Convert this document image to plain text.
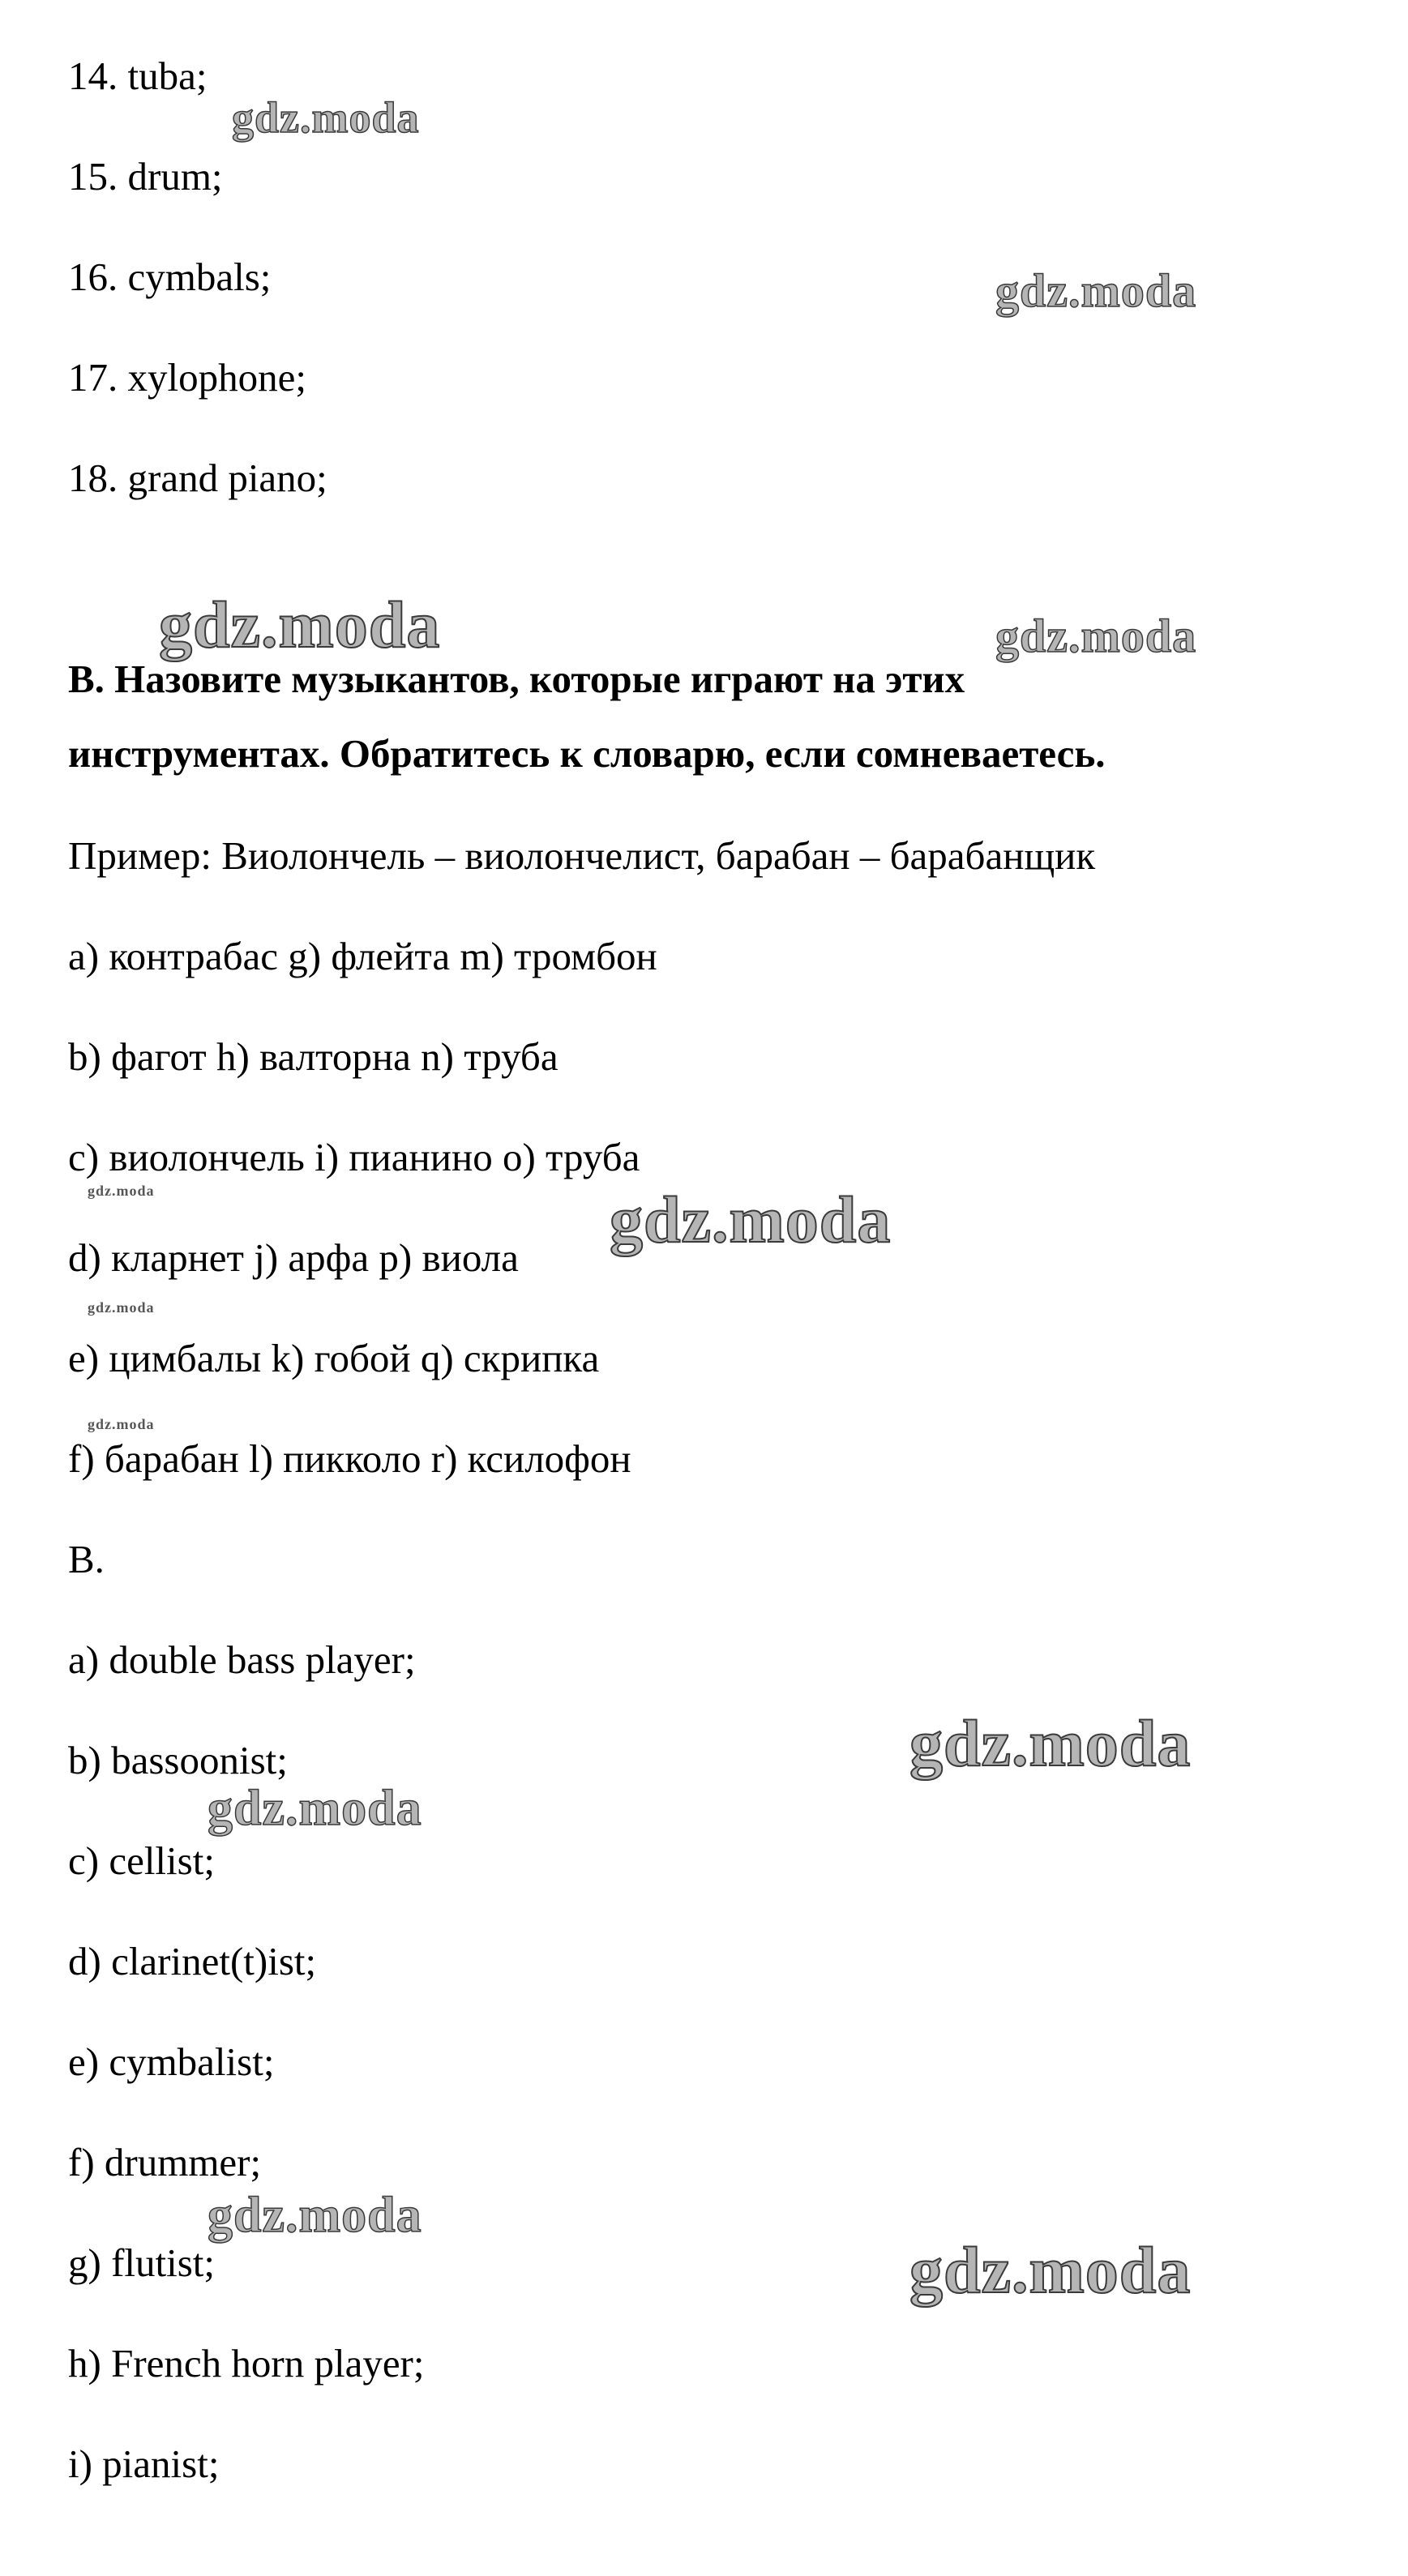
14. tuba;

15. drum;

16. cymbals;

17. xylophone;

18. grand piano;

B. Назовите музыкантов, которые играют на этих

инструментах. Обратитесь к словарю, если сомневаетесь.

Пример: Виолончель – виолончелист, барабан – барабанщик

a) контрабас g) флейта m) тромбон

b) фагот h) валторна n) труба

c) виолончель i) пианино o) труба

d) кларнет j) арфа p) виола

e) цимбалы k) гобой q) скрипка

f) барабан l) пикколо r) ксилофон

B.

a) double bass player;

b) bassoonist;

c) cellist;

d) clarinet(t)ist;

e) cymbalist;

f) drummer;

g) flutist;

h) French horn player;

i) pianist;

gdz.moda
gdz.moda
gdz.moda	gdz.moda
gdz.moda	gdz.moda
gdz.moda
gdz.moda
gdz.moda
gdz.moda
gdz.moda
gdz.moda
